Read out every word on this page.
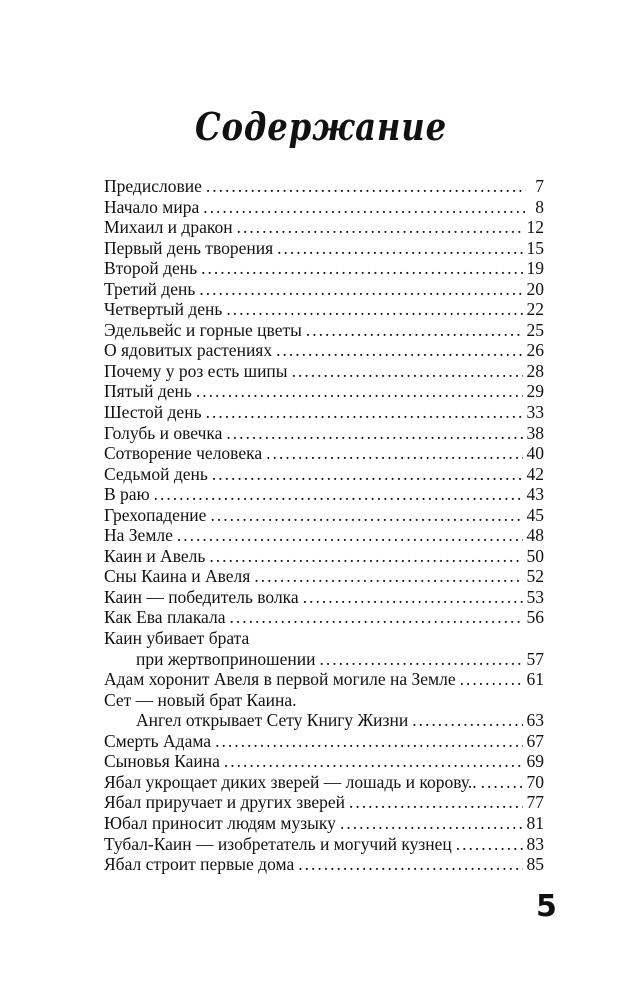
Содержание
Предисловие .....	7
Начало мира .....	8
Михаил и дракон .....	12
Первый день творения .....	15
Второй день .....	19
Третий день .....	20
Четвертый день .....	22
Эдельвейс и горные цветы .....	25
О ядовитых растениях .....	26
Почему у роз есть шипы .....	28
Пятый день .....	29
Шестой день .....	33
Голубь и овечка .....	38
Сотворение человека .....	40
Седьмой день .....	42
В раю .....	43
Грехопадение .....	45
На Земле .....	48
Каин и Авель .....	50
Сны Каина и Авеля .....	52
Каин — победитель волка .....	53
Как Ева плакала .....	56
Каин убивает брата
при жертвоприношении .....	57
Адам хоронит Авеля в первой могиле на Земле .....	61
Сет — новый брат Каина.
Ангел открывает Сету Книгу Жизни .....	63
Смерть Адама .....	67
Сыновья Каина .....	69
Ябал укрощает диких зверей — лошадь и корову.. .....	70
Ябал приручает и других зверей .....	77
Юбал приносит людям музыку .....	81
Тубал-Каин — изобретатель и могучий кузнец .....	83
Ябал строит первые дома .....	85
5
